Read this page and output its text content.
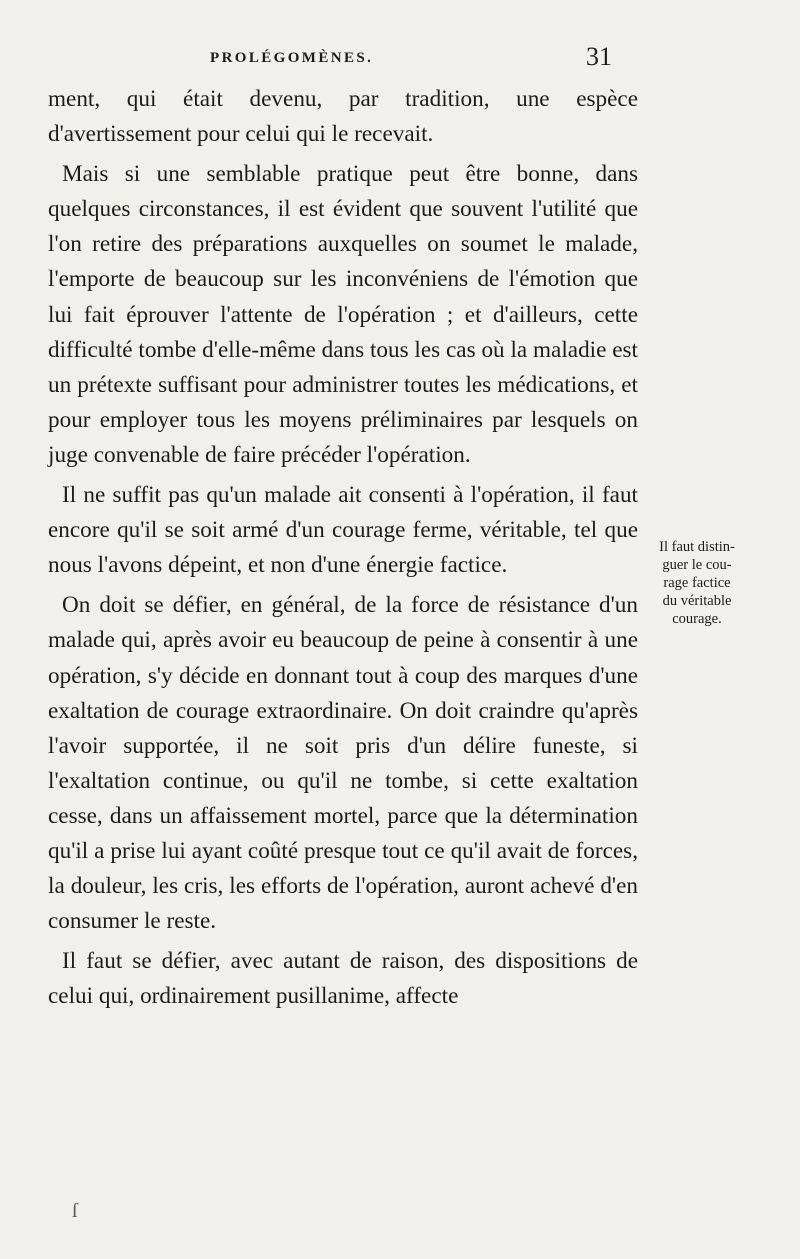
PROLÉGOMÈNES.	31

ment, qui était devenu, par tradition, une espèce d'avertissement pour celui qui le recevait.

Mais si une semblable pratique peut être bonne, dans quelques circonstances, il est évident que souvent l'utilité que l'on retire des préparations auxquelles on soumet le malade, l'emporte de beaucoup sur les inconvéniens de l'émotion que lui fait éprouver l'attente de l'opération ; et d'ailleurs, cette difficulté tombe d'elle-même dans tous les cas où la maladie est un prétexte suffisant pour administrer toutes les médications, et pour employer tous les moyens préliminaires par lesquels on juge convenable de faire précéder l'opération.

Il ne suffit pas qu'un malade ait consenti à l'opération, il faut encore qu'il se soit armé d'un courage ferme, véritable, tel que nous l'avons dépeint, et non d'une énergie factice.

On doit se défier, en général, de la force de résistance d'un malade qui, après avoir eu beaucoup de peine à consentir à une opération, s'y décide en donnant tout à coup des marques d'une exaltation de courage extraordinaire. On doit craindre qu'après l'avoir supportée, il ne soit pris d'un délire funeste, si l'exaltation continue, ou qu'il ne tombe, si cette exaltation cesse, dans un affaissement mortel, parce que la détermination qu'il a prise lui ayant coûté presque tout ce qu'il avait de forces, la douleur, les cris, les efforts de l'opération, auront achevé d'en consumer le reste.

Il faut se défier, avec autant de raison, des dispositions de celui qui, ordinairement pusillanime, affecte

Il faut distin-
guer le cou-
rage factice
du véritable
courage.
ſ
